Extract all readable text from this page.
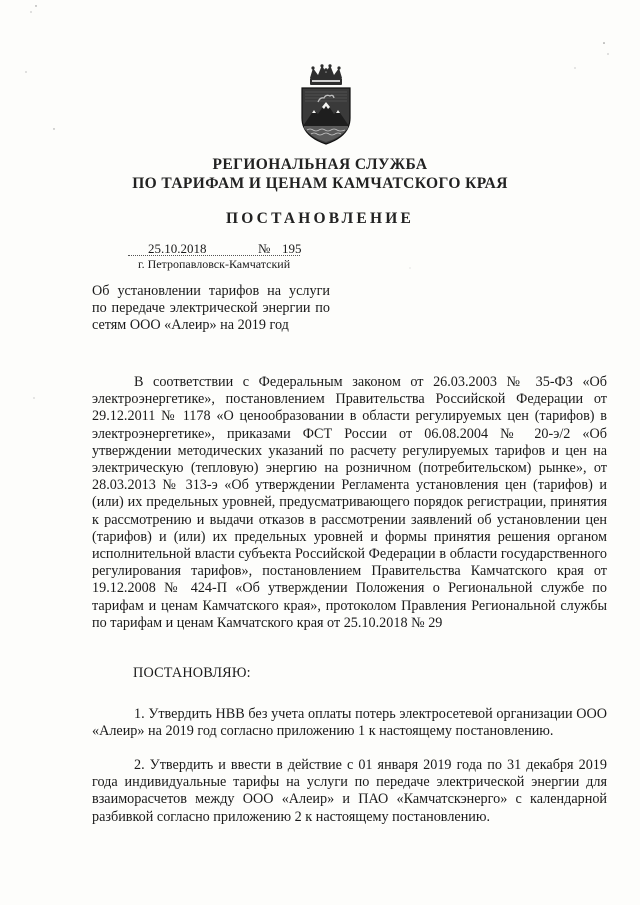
РЕГИОНАЛЬНАЯ СЛУЖБА
ПО ТАРИФАМ И ЦЕНАМ КАМЧАТСКОГО КРАЯ
ПОСТАНОВЛЕНИЕ
25.10.2018	№ 195
г. Петропавловск-Камчатский
Об установлении тарифов на услуги по передаче электрической энергии по сетям ООО «Алеир» на 2019 год
В соответствии с Федеральным законом от 26.03.2003 № 35-ФЗ «Об электроэнергетике», постановлением Правительства Российской Федерации от 29.12.2011 № 1178 «О ценообразовании в области регулируемых цен (тарифов) в электроэнергетике», приказами ФСТ России от 06.08.2004 № 20-э/2 «Об утверждении методических указаний по расчету регулируемых тарифов и цен на электрическую (тепловую) энергию на розничном (потребительском) рынке», от 28.03.2013 № 313-э «Об утверждении Регламента установления цен (тарифов) и (или) их предельных уровней, предусматривающего порядок регистрации, принятия к рассмотрению и выдачи отказов в рассмотрении заявлений об установлении цен (тарифов) и (или) их предельных уровней и формы принятия решения органом исполнительной власти субъекта Российской Федерации в области государственного регулирования тарифов», постановлением Правительства Камчатского края от 19.12.2008 № 424-П «Об утверждении Положения о Региональной службе по тарифам и ценам Камчатского края», протоколом Правления Региональной службы по тарифам и ценам Камчатского края от 25.10.2018 № 29
ПОСТАНОВЛЯЮ:
1. Утвердить НВВ без учета оплаты потерь электросетевой организации ООО «Алеир» на 2019 год согласно приложению 1 к настоящему постановлению.
2. Утвердить и ввести в действие с 01 января 2019 года по 31 декабря 2019 года индивидуальные тарифы на услуги по передаче электрической энергии для взаиморасчетов между ООО «Алеир» и ПАО «Камчатскэнерго» с календарной разбивкой согласно приложению 2 к настоящему постановлению.
